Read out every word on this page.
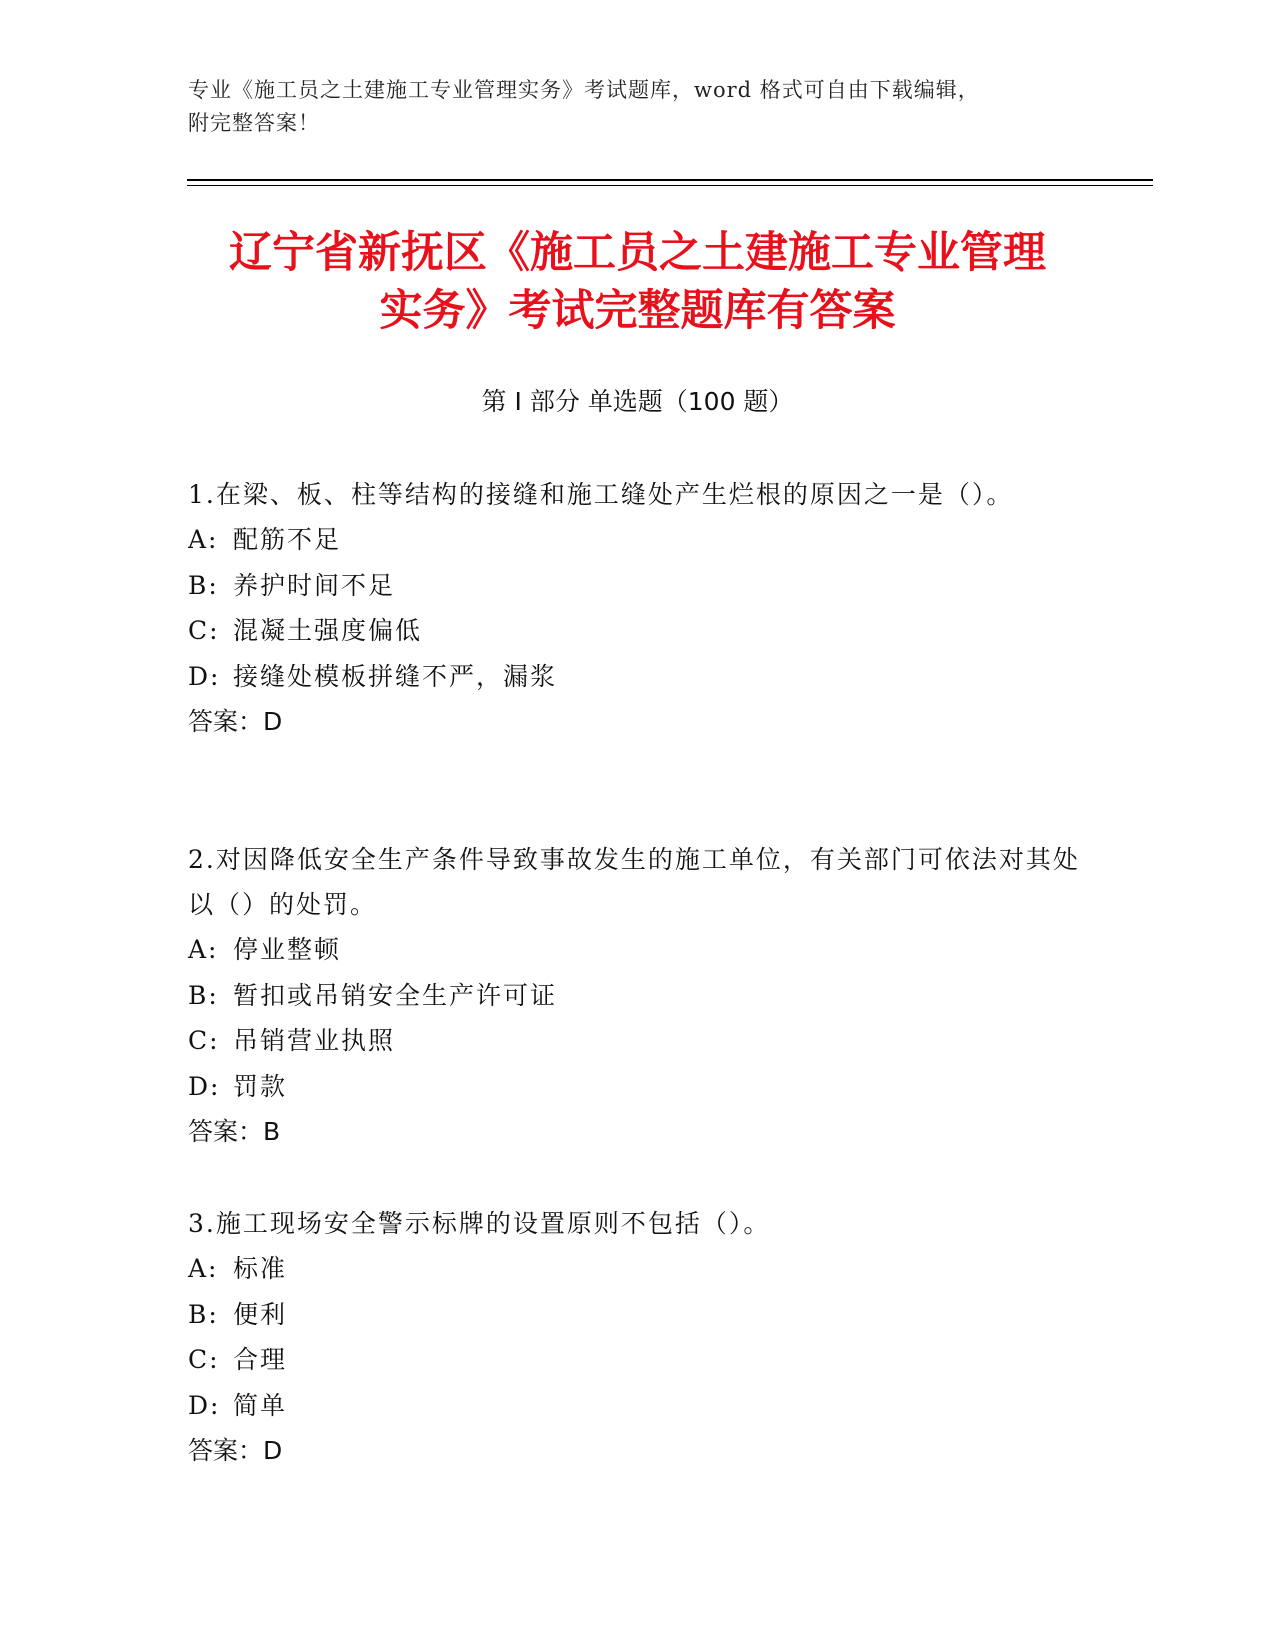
专业《施工员之土建施工专业管理实务》考试题库，word 格式可自由下载编辑，
附完整答案！
辽宁省新抚区《施工员之土建施工专业管理
实务》考试完整题库有答案
第 I 部分 单选题（100 题）

1.在梁、板、柱等结构的接缝和施工缝处产生烂根的原因之一是（）。

A: 配筋不足

B: 养护时间不足

C: 混凝土强度偏低

D: 接缝处模板拼缝不严，漏浆

答案：D

2.对因降低安全生产条件导致事故发生的施工单位，有关部门可依法对其处以（）的处罚。

A: 停业整顿

B: 暂扣或吊销安全生产许可证

C: 吊销营业执照

D: 罚款

答案：B

3.施工现场安全警示标牌的设置原则不包括（）。

A: 标准

B: 便利

C: 合理

D: 简单

答案：D
